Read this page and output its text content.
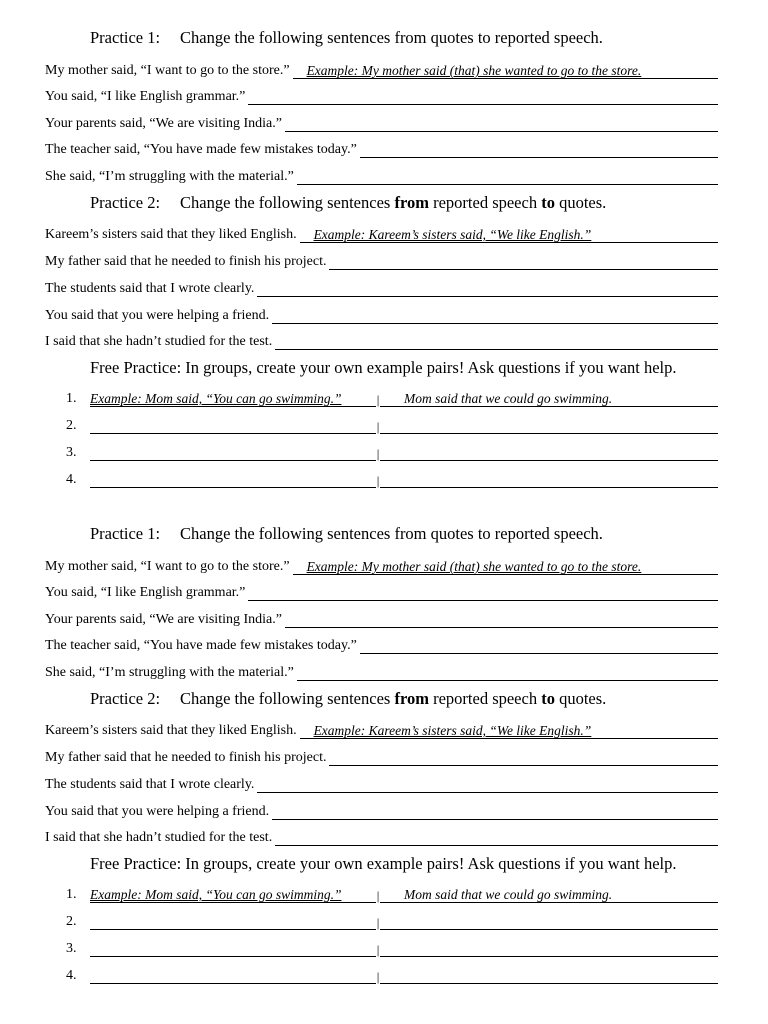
Practice 1: Change the following sentences from quotes to reported speech.
My mother said, “I want to go to the store.”	Example: My mother said (that) she wanted to go to the store.
You said, “I like English grammar.”
Your parents said, “We are visiting India.”
The teacher said, “You have made few mistakes today.”
She said, “I’m struggling with the material.”
Practice 2: Change the following sentences from reported speech to quotes.
Kareem’s sisters said that they liked English.	Example: Kareem’s sisters said, “We like English.”
My father said that he needed to finish his project.
The students said that I wrote clearly.
You said that you were helping a friend.
I said that she hadn’t studied for the test.
Free Practice: In groups, create your own example pairs! Ask questions if you want help.
1.	Example: Mom said, “You can go swimming.”	|	Mom said that we could go swimming.
2.	|
3.	|
4.	|
Practice 1: Change the following sentences from quotes to reported speech.
My mother said, “I want to go to the store.”	Example: My mother said (that) she wanted to go to the store.
You said, “I like English grammar.”
Your parents said, “We are visiting India.”
The teacher said, “You have made few mistakes today.”
She said, “I’m struggling with the material.”
Practice 2: Change the following sentences from reported speech to quotes.
Kareem’s sisters said that they liked English.	Example: Kareem’s sisters said, “We like English.”
My father said that he needed to finish his project.
The students said that I wrote clearly.
You said that you were helping a friend.
I said that she hadn’t studied for the test.
Free Practice: In groups, create your own example pairs! Ask questions if you want help.
1.	Example: Mom said, “You can go swimming.”	|	Mom said that we could go swimming.
2.	|
3.	|
4.	|
